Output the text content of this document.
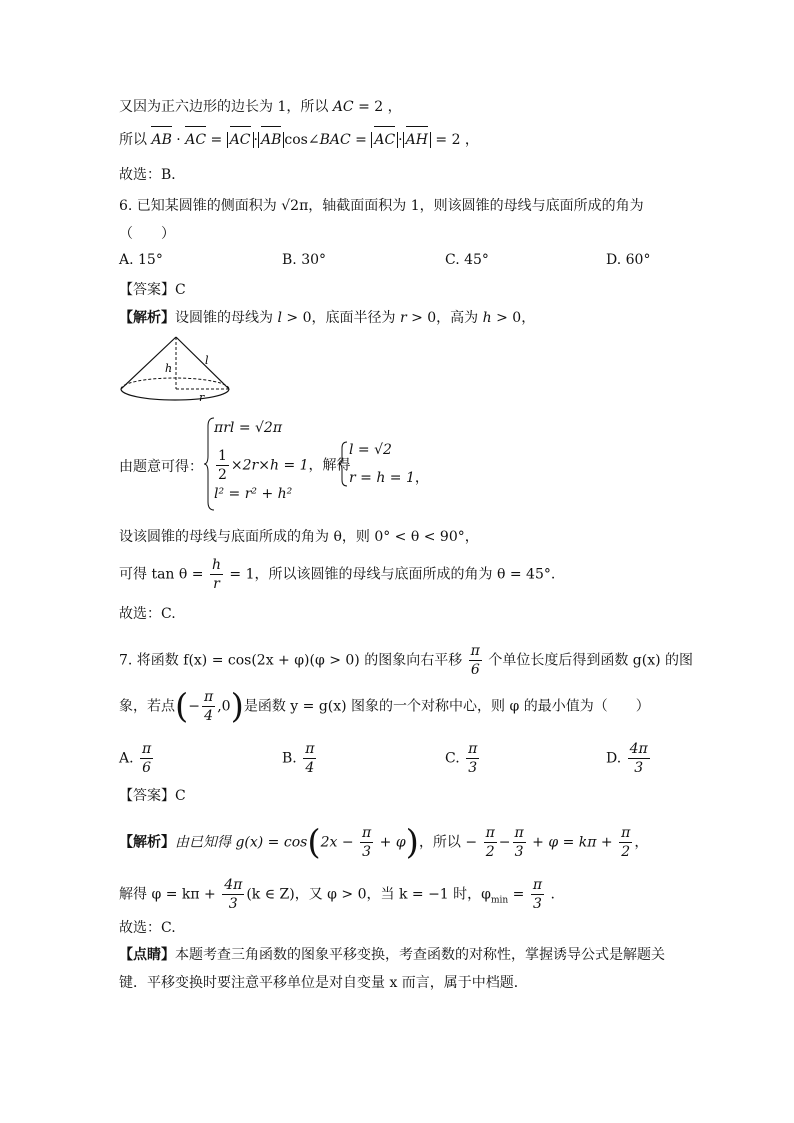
又因为正六边形的边长为 1，所以 AC = 2 ，
所以 AB · AC = AC · AB cos∠BAC = AC · AH = 2 ，
故选：B．
6. 已知某圆锥的侧面积为 √2π，轴截面面积为 1，则该圆锥的母线与底面所成的角为
（　　）
A. 15°	B. 30°	C. 45°	D. 60°
【答案】C
【解析】设圆锥的母线为 l > 0，底面半径为 r > 0，高为 h > 0，
h
l
r
由题意可得：
πrl = √2π
$\frac{1}{2} \times 2r\times h = 1$，解得
l² = r² + h²
l = √2
r = h = 1，
设该圆锥的母线与底面所成的角为 θ，则 0° < θ < 90°，
可得 $\tan \theta = \frac{h}{r} = 1$，所以该圆锥的母线与底面所成的角为 θ = 45°.
故选：C.
7. 将函数 f(x) = cos(2x + φ)(φ > 0) 的图象向右平移 $\frac{\pi}{6}$ 个单位长度后得到函数 g(x) 的图
象，若点(− $\frac{\pi}{4} ,0$)是函数 y = g(x) 图象的一个对称中心，则 φ 的最小值为（　　）
A. $\frac{\pi}{6}$	B. $\frac{\pi}{4}$	C. $\frac{\pi}{3}$	D. $\frac{4\pi}{3}$
【答案】C
【解析】由已知得 $g(x) = \cos(2x - \frac{\pi}{3} + \varphi)$，所以 − $\frac{\pi}{2} - \frac{\pi}{3} + \varphi = k\pi + \frac{\pi}{2}$ ，
解得 $\varphi = k\pi + \frac{4\pi}{3} (k$ ∈ Z)，又 φ > 0，当 k = −1 时，$\varphi_{min} = \frac{\pi}{3}$ .
故选：C.
【点睛】本题考查三角函数的图象平移变换，考查函数的对称性，掌握诱导公式是解题关
键．平移变换时要注意平移单位是对自变量 x 而言，属于中档题．
